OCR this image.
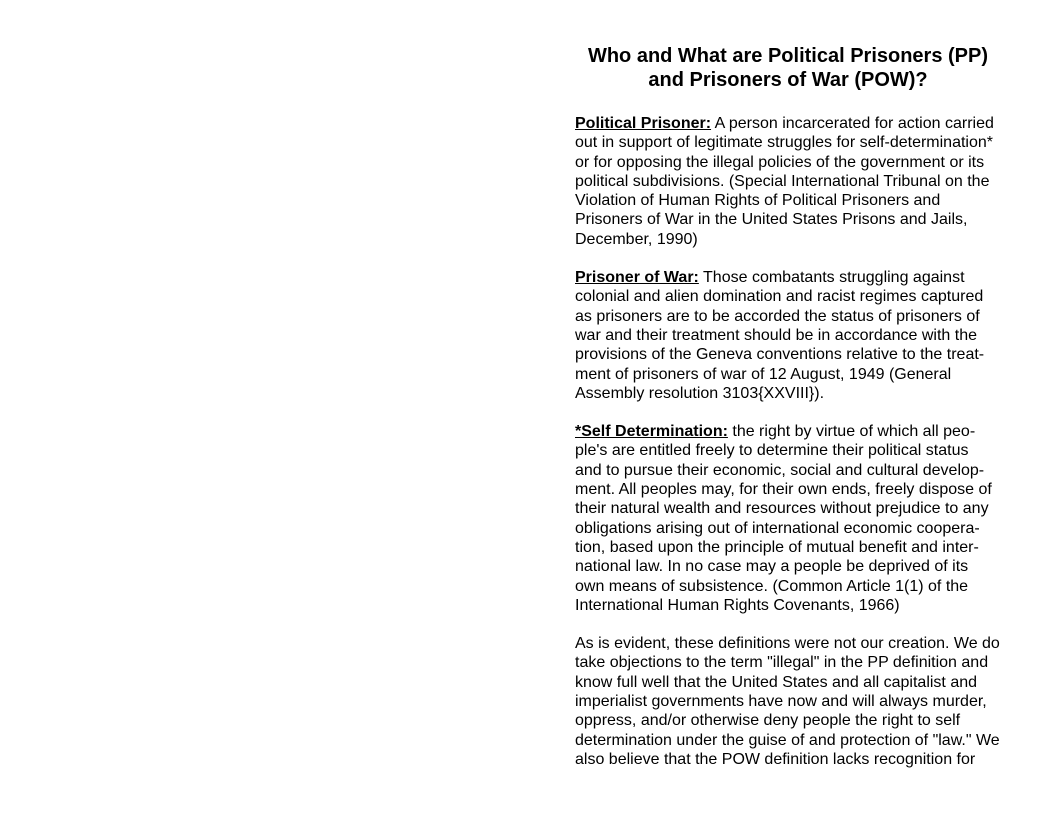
Who and What are Political Prisoners (PP)
and Prisoners of War (POW)?
Political Prisoner: A person incarcerated for action carried
out in support of legitimate struggles for self-determination*
or for opposing the illegal policies of the government or its
political subdivisions. (Special International Tribunal on the
Violation of Human Rights of Political Prisoners and
Prisoners of War in the United States Prisons and Jails,
December, 1990)
Prisoner of War: Those combatants struggling against
colonial and alien domination and racist regimes captured
as prisoners are to be accorded the status of prisoners of
war and their treatment should be in accordance with the
provisions of the Geneva conventions relative to the treat-
ment of prisoners of war of 12 August, 1949 (General
Assembly resolution 3103{XXVIII}).
*Self Determination: the right by virtue of which all peo-
ple's are entitled freely to determine their political status
and to pursue their economic, social and cultural develop-
ment. All peoples may, for their own ends, freely dispose of
their natural wealth and resources without prejudice to any
obligations arising out of international economic coopera-
tion, based upon the principle of mutual benefit and inter-
national law. In no case may a people be deprived of its
own means of subsistence. (Common Article 1(1) of the
International Human Rights Covenants, 1966)
As is evident, these definitions were not our creation. We do
take objections to the term "illegal" in the PP definition and
know full well that the United States and all capitalist and
imperialist governments have now and will always murder,
oppress, and/or otherwise deny people the right to self
determination under the guise of and protection of "law." We
also believe that the POW definition lacks recognition for
